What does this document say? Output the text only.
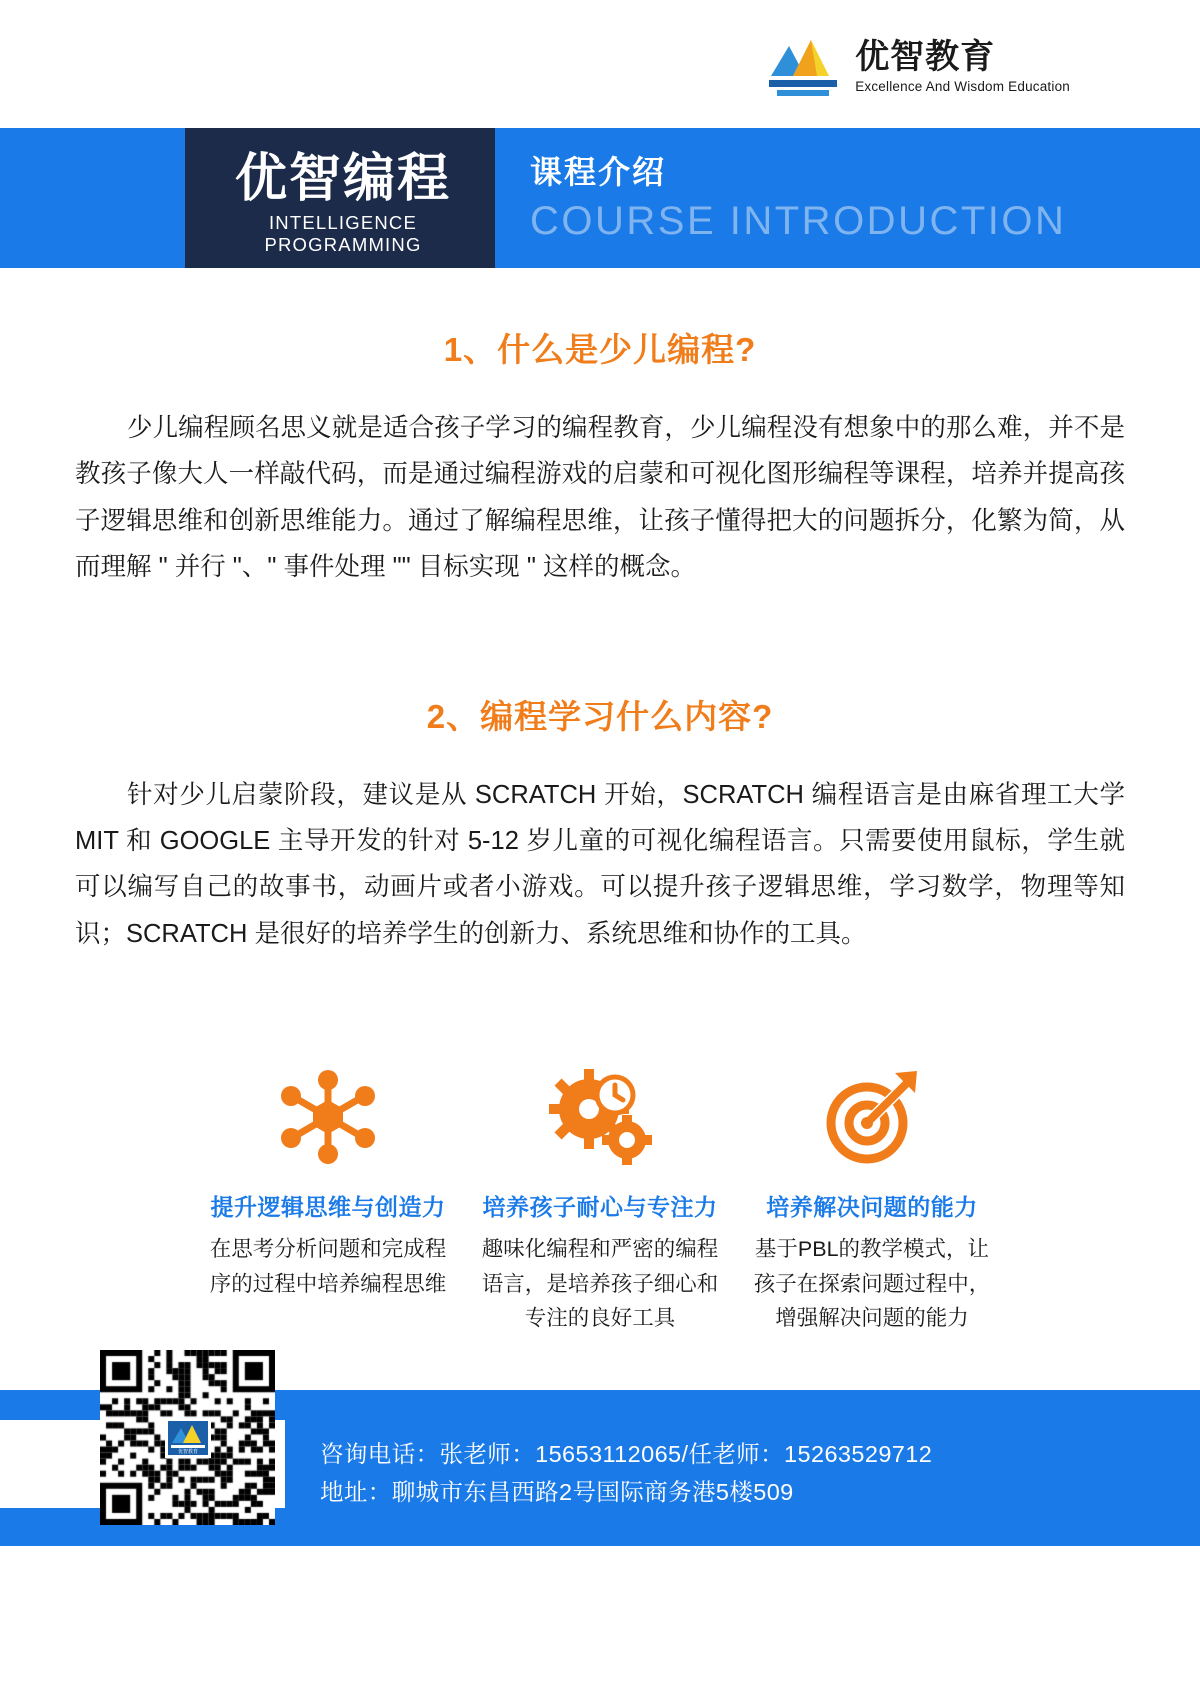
优智教育
Excellence And Wisdom Education
优智编程
INTELLIGENCE PROGRAMMING
课程介绍
COURSE INTRODUCTION
1、什么是少儿编程?
少儿编程顾名思义就是适合孩子学习的编程教育，少儿编程没有想象中的那么难，并不是教孩子像大人一样敲代码，而是通过编程游戏的启蒙和可视化图形编程等课程，培养并提高孩子逻辑思维和创新思维能力。通过了解编程思维，让孩子懂得把大的问题拆分，化繁为简，从而理解 " 并行 "、" 事件处理 "" 目标实现 " 这样的概念。
2、编程学习什么内容?
针对少儿启蒙阶段，建议是从 SCRATCH 开始，SCRATCH 编程语言是由麻省理工大学 MIT 和 GOOGLE 主导开发的针对 5-12 岁儿童的可视化编程语言。只需要使用鼠标，学生就可以编写自己的故事书，动画片或者小游戏。可以提升孩子逻辑思维，学习数学，物理等知识；SCRATCH 是很好的培养学生的创新力、系统思维和协作的工具。
提升逻辑思维与创造力
在思考分析问题和完成程序的过程中培养编程思维
培养孩子耐心与专注力
趣味化编程和严密的编程语言，是培养孩子细心和专注的良好工具
培养解决问题的能力
基于PBL的教学模式，让孩子在探索问题过程中，增强解决问题的能力
咨询电话：张老师：15653112065/任老师：15263529712
地址：聊城市东昌西路2号国际商务港5楼509
优智教育
